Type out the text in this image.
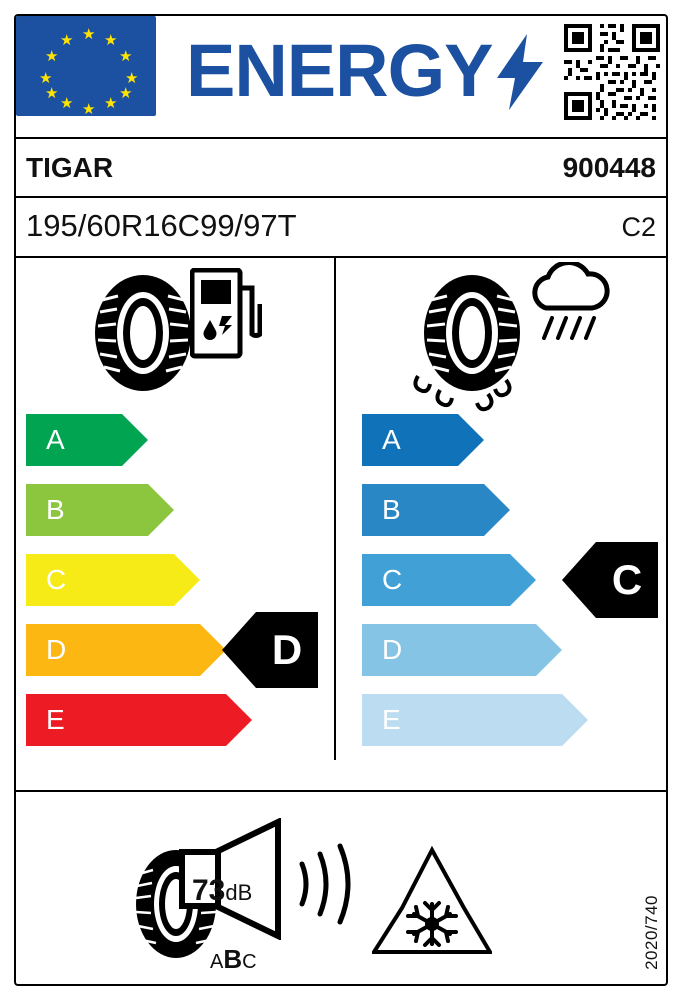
★ ★
★
★
★
★
★
★
★
★
★
★ ENERGY
TIGAR	900448
195/60R16C99/97T	C2
A
B
C
D
E
D
A
B
C
D
E
C
73dB
ABC	2020/740
